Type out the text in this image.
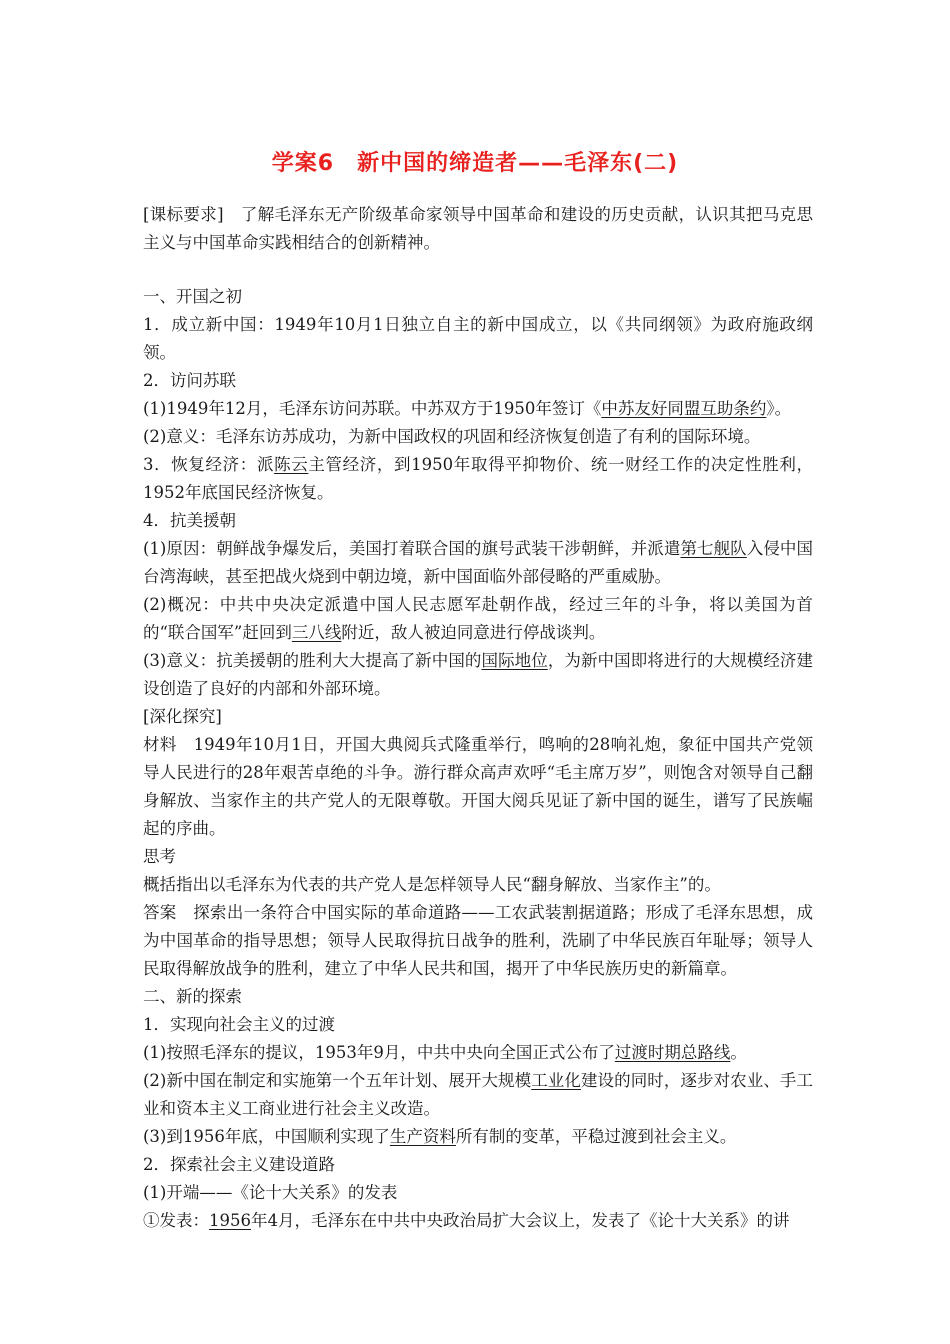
学案6　新中国的缔造者——毛泽东(二)

[课标要求]　了解毛泽东无产阶级革命家领导中国革命和建设的历史贡献，认识其把马克思主义与中国革命实践相结合的创新精神。

一、开国之初

1．成立新中国：1949年10月1日独立自主的新中国成立，以《共同纲领》为政府施政纲领。

2．访问苏联

(1)1949年12月，毛泽东访问苏联。中苏双方于1950年签订《中苏友好同盟互助条约》。

(2)意义：毛泽东访苏成功，为新中国政权的巩固和经济恢复创造了有利的国际环境。

3．恢复经济：派陈云主管经济，到1950年取得平抑物价、统一财经工作的决定性胜利，1952年底国民经济恢复。

4．抗美援朝

(1)原因：朝鲜战争爆发后，美国打着联合国的旗号武装干涉朝鲜，并派遣第七舰队入侵中国台湾海峡，甚至把战火烧到中朝边境，新中国面临外部侵略的严重威胁。

(2)概况：中共中央决定派遣中国人民志愿军赴朝作战，经过三年的斗争，将以美国为首的“联合国军”赶回到三八线附近，敌人被迫同意进行停战谈判。

(3)意义：抗美援朝的胜利大大提高了新中国的国际地位，为新中国即将进行的大规模经济建设创造了良好的内部和外部环境。

[深化探究]

材料　1949年10月1日，开国大典阅兵式隆重举行，鸣响的28响礼炮，象征中国共产党领导人民进行的28年艰苦卓绝的斗争。游行群众高声欢呼“毛主席万岁”，则饱含对领导自己翻身解放、当家作主的共产党人的无限尊敬。开国大阅兵见证了新中国的诞生，谱写了民族崛起的序曲。

思考

概括指出以毛泽东为代表的共产党人是怎样领导人民“翻身解放、当家作主”的。

答案　探索出一条符合中国实际的革命道路——工农武装割据道路；形成了毛泽东思想，成为中国革命的指导思想；领导人民取得抗日战争的胜利，洗刷了中华民族百年耻辱；领导人民取得解放战争的胜利，建立了中华人民共和国，揭开了中华民族历史的新篇章。

二、新的探索

1．实现向社会主义的过渡

(1)按照毛泽东的提议，1953年9月，中共中央向全国正式公布了过渡时期总路线。

(2)新中国在制定和实施第一个五年计划、展开大规模工业化建设的同时，逐步对农业、手工业和资本主义工商业进行社会主义改造。

(3)到1956年底，中国顺利实现了生产资料所有制的变革，平稳过渡到社会主义。

2．探索社会主义建设道路

(1)开端——《论十大关系》的发表

①发表：1956年4月，毛泽东在中共中央政治局扩大会议上，发表了《论十大关系》的讲
